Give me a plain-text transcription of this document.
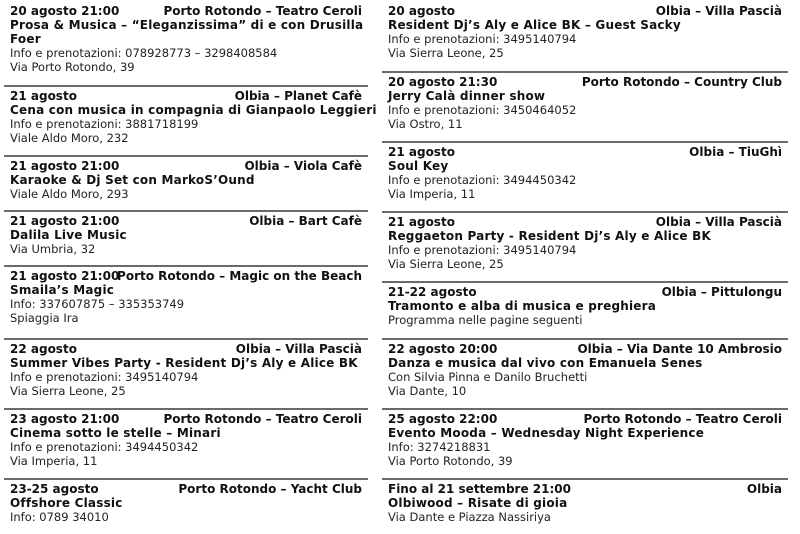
20 agosto 21:00	Porto Rotondo – Teatro Ceroli
Prosa & Musica – “Eleganzissima” di e con Drusilla
Foer
Info e prenotazioni: 078928773 – 3298408584
Via Porto Rotondo, 39
21 agosto	Olbia – Planet Cafè
Cena con musica in compagnia di Gianpaolo Leggieri
Info e prenotazioni: 3881718199
Viale Aldo Moro, 232
21 agosto 21:00	Olbia – Viola Cafè
Karaoke & Dj Set con MarkoS’Ound
Viale Aldo Moro, 293
21 agosto 21:00	Olbia – Bart Cafè
Dalila Live Music
Via Umbria, 32
21 agosto 21:00
Porto Rotondo – Magic on the Beach
Smaila’s Magic
Info: 337607875 – 335353749
Spiaggia Ira
22 agosto	Olbia – Villa Pascià
Summer Vibes Party - Resident Dj’s Aly e Alice BK
Info e prenotazioni: 3495140794
Via Sierra Leone, 25
23 agosto 21:00	Porto Rotondo – Teatro Ceroli
Cinema sotto le stelle – Minari
Info e prenotazioni: 3494450342
Via Imperia, 11
23-25 agosto	Porto Rotondo – Yacht Club
Offshore Classic
Info: 0789 34010
20 agosto	Olbia – Villa Pascià
Resident Dj’s Aly e Alice BK – Guest Sacky
Info e prenotazioni: 3495140794
Via Sierra Leone, 25
20 agosto 21:30	Porto Rotondo – Country Club
Jerry Calà dinner show
Info e prenotazioni: 3450464052
Via Ostro, 11
21 agosto	Olbia – TiuGhì
Soul Key
Info e prenotazioni: 3494450342
Via Imperia, 11
21 agosto	Olbia – Villa Pascià
Reggaeton Party - Resident Dj’s Aly e Alice BK
Info e prenotazioni: 3495140794
Via Sierra Leone, 25
21-22 agosto	Olbia – Pittulongu
Tramonto e alba di musica e preghiera
Programma nelle pagine seguenti
22 agosto 20:00	Olbia – Via Dante 10 Ambrosio
Danza e musica dal vivo con Emanuela Senes
Con Silvia Pinna e Danilo Bruchetti
Via Dante, 10
25 agosto 22:00	Porto Rotondo – Teatro Ceroli
Evento Mooda – Wednesday Night Experience
Info: 3274218831
Via Porto Rotondo, 39
Fino al 21 settembre 21:00	Olbia
Olbiwood – Risate di gioia
Via Dante e Piazza Nassiriya
